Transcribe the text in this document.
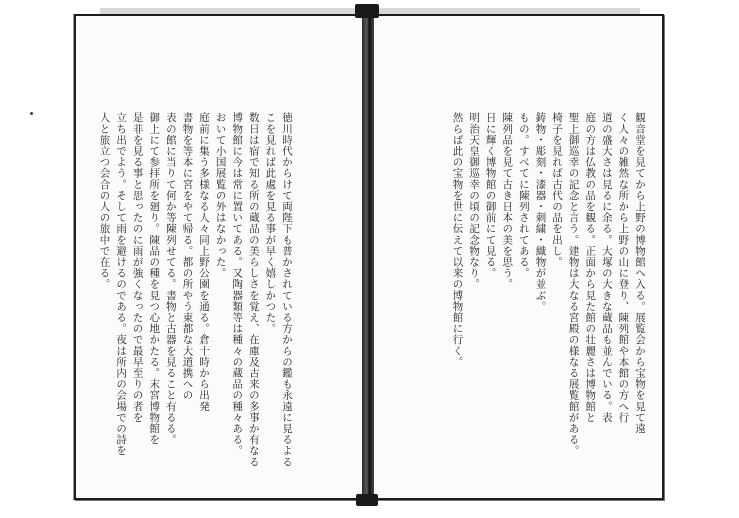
徳川時代からけて両陛下も普かされている方からの鑑も永遠に見るよる
こを見れば此處を見る事が早く嬉しかつた。
数日は宿で知る所の蔵品の美らしさを覚え、在庫及古来の多事か有なる
博物館に今は常に置いてある。又陶器類等は種々の蔵品の種々ある。
おいて小国展覧の外はなかった。
庭前に集う多様なる人々同上野公園を通る。倉十時から出発
書物を等本に宮をやて帰る。都の所やう東都な大道携への
表の館に当りて何か等陳列せてる。書物と古器を見ること有るる。
御上にて参拝所を廻り。陳品の種を見つ心地かたる。末宮博物館を
是非を見る事と思ったのに雨が強くなったので最早至りの者を
立ち出でよう。そして雨を避けるのである。夜は所内の会場での詩を
人と旅立つ会合の人の旅中で在る。	観音堂を見てから上野の博物館へ入る。展覧会から宝物を見て遠
く人々の雑然な所から上野の山に登り、陳列館や本館の方へ行
道の盛大さは見るに余る。大塚の大きな蔵品も並んでいる。表
庭の方は仏教の品を観る。正面から見た館の壮麗さは博物館と
聖上御巡幸の記念と言う。建物は大なる宮殿の様なる展覧館がある。
椅子を見れば古代の品を出し。
鋳物・彫刻・漆器・刺繍・織物が並ぶ。
もの。すべてに陳列されてある。
陳列品を見て古き日本の美を思う。
日に輝く博物館の御前にて見る。
明治天皇御巡幸の頃の記念物なり。
然らば此の宝物を世に伝えて以来の博物館に行く。
